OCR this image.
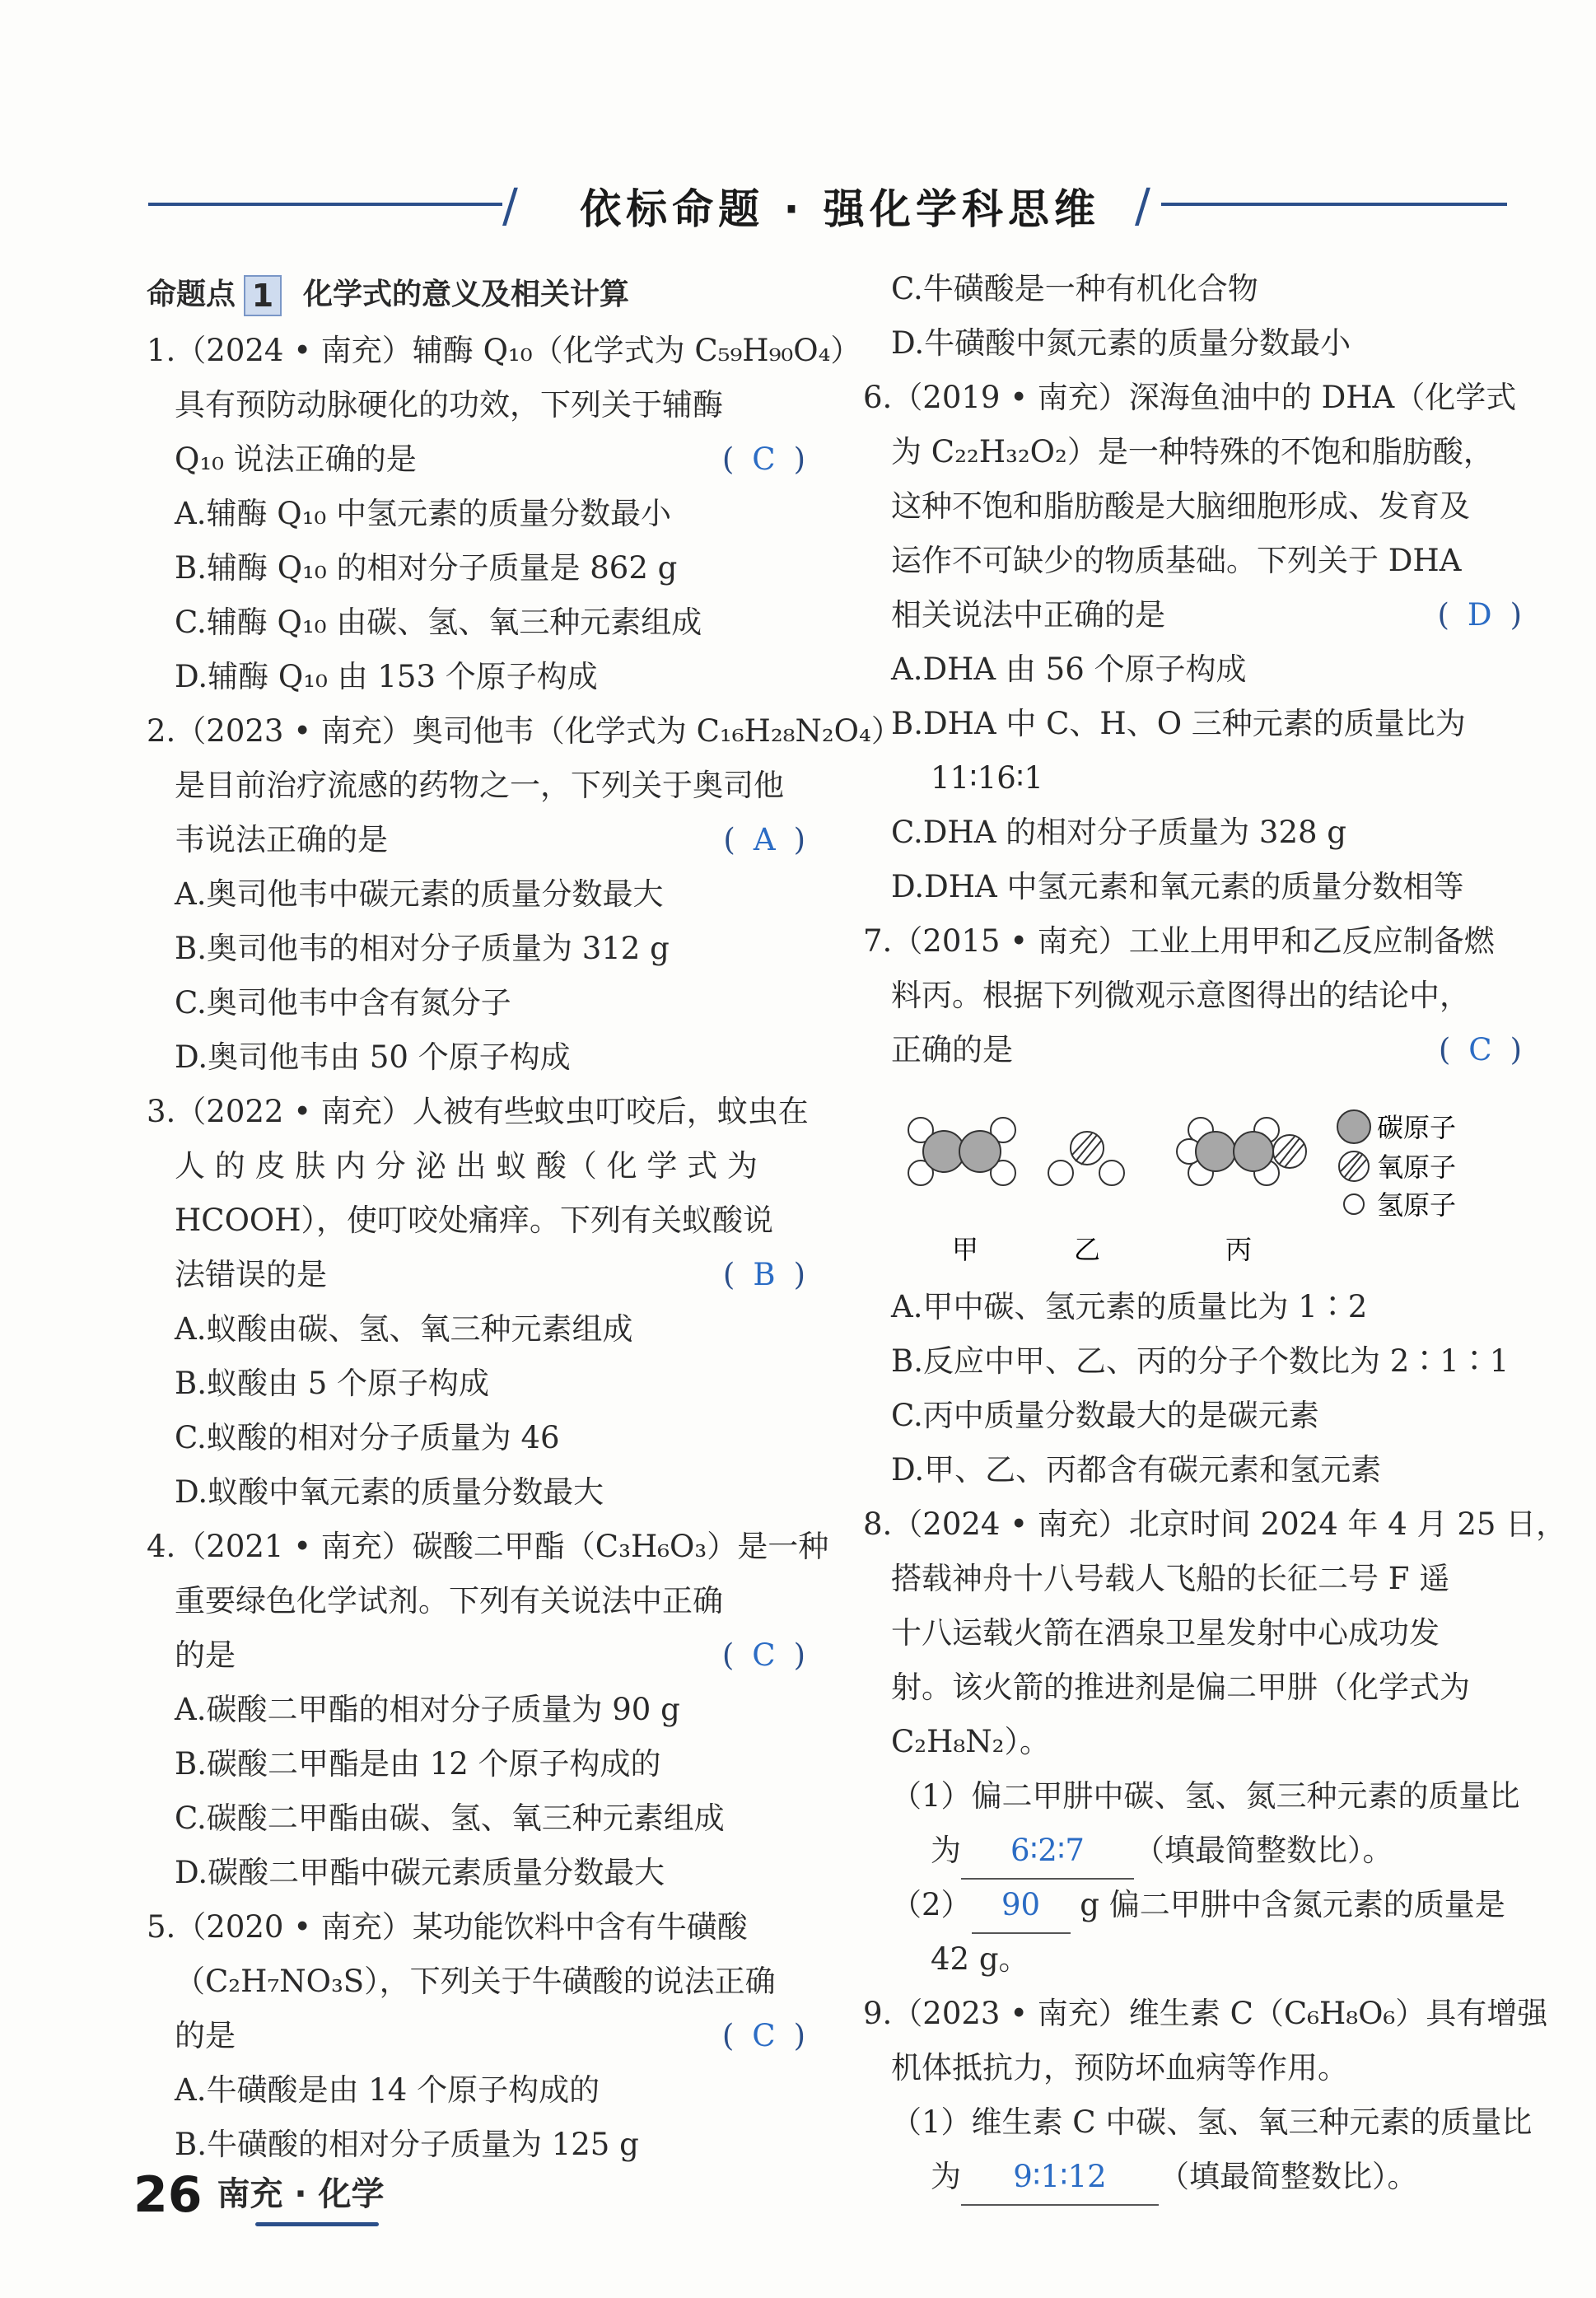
/	依标命题 · 强化学科思维 /
命题点 1 化学式的意义及相关计算
1.（2024 • 南充）辅酶 Q₁₀（化学式为 C₅₉H₉₀O₄）
具有预防动脉硬化的功效，下列关于辅酶
Q₁₀ 说法正确的是	( C )
A.辅酶 Q₁₀ 中氢元素的质量分数最小
B.辅酶 Q₁₀ 的相对分子质量是 862 g
C.辅酶 Q₁₀ 由碳、氢、氧三种元素组成
D.辅酶 Q₁₀ 由 153 个原子构成
2.（2023 • 南充）奥司他韦（化学式为 C₁₆H₂₈N₂O₄）
是目前治疗流感的药物之一，下列关于奥司他
韦说法正确的是	( A )
A.奥司他韦中碳元素的质量分数最大
B.奥司他韦的相对分子质量为 312 g
C.奥司他韦中含有氮分子
D.奥司他韦由 50 个原子构成
3.（2022 • 南充）人被有些蚊虫叮咬后，蚊虫在
人 的 皮 肤 内 分 泌 出 蚁 酸（ 化 学 式 为
HCOOH），使叮咬处痛痒。下列有关蚁酸说
法错误的是	( B )
A.蚁酸由碳、氢、氧三种元素组成
B.蚁酸由 5 个原子构成
C.蚁酸的相对分子质量为 46
D.蚁酸中氧元素的质量分数最大
4.（2021 • 南充）碳酸二甲酯（C₃H₆O₃）是一种
重要绿色化学试剂。下列有关说法中正确
的是	( C )
A.碳酸二甲酯的相对分子质量为 90 g
B.碳酸二甲酯是由 12 个原子构成的
C.碳酸二甲酯由碳、氢、氧三种元素组成
D.碳酸二甲酯中碳元素质量分数最大
5.（2020 • 南充）某功能饮料中含有牛磺酸
（C₂H₇NO₃S），下列关于牛磺酸的说法正确
的是	( C )
A.牛磺酸是由 14 个原子构成的
B.牛磺酸的相对分子质量为 125 g
C.牛磺酸是一种有机化合物
D.牛磺酸中氮元素的质量分数最小
6.（2019 • 南充）深海鱼油中的 DHA（化学式
为 C₂₂H₃₂O₂）是一种特殊的不饱和脂肪酸，
这种不饱和脂肪酸是大脑细胞形成、发育及
运作不可缺少的物质基础。下列关于 DHA
相关说法中正确的是	( D )
A.DHA 由 56 个原子构成
B.DHA 中 C、H、O 三种元素的质量比为
11∶16∶1
C.DHA 的相对分子质量为 328 g
D.DHA 中氢元素和氧元素的质量分数相等
7.（2015 • 南充）工业上用甲和乙反应制备燃
料丙。根据下列微观示意图得出的结论中，
正确的是	( C )
甲	乙	丙
碳原子
氧原子
氢原子
A.甲中碳、氢元素的质量比为 1∶2
B.反应中甲、乙、丙的分子个数比为 2∶1∶1
C.丙中质量分数最大的是碳元素
D.甲、乙、丙都含有碳元素和氢元素
8.（2024 • 南充）北京时间 2024 年 4 月 25 日，
搭载神舟十八号载人飞船的长征二号 F 遥
十八运载火箭在酒泉卫星发射中心成功发
射。该火箭的推进剂是偏二甲肼（化学式为
C₂H₈N₂）。
（1）偏二甲肼中碳、氢、氮三种元素的质量比
为 6∶2∶7 （填最简整数比）。
（2） 90 g 偏二甲肼中含氮元素的质量是
42 g。
9.（2023 • 南充）维生素 C（C₆H₈O₆）具有增强
机体抵抗力，预防坏血病等作用。
（1）维生素 C 中碳、氢、氧三种元素的质量比
为 9∶1∶12 （填最简整数比）。
26 南充 · 化学
